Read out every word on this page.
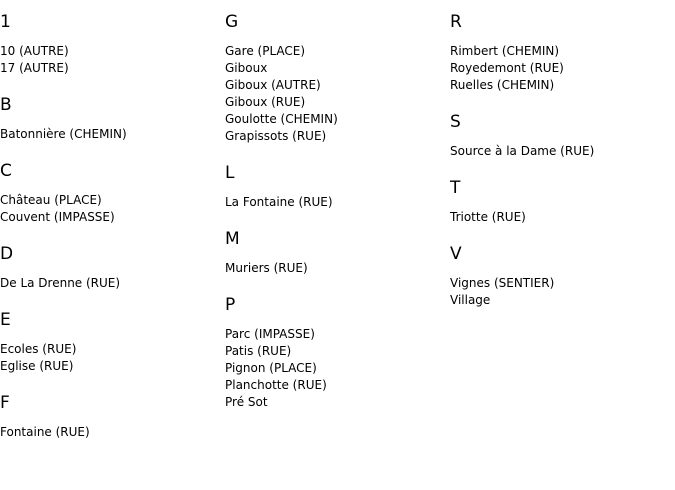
1
10 (AUTRE)
17 (AUTRE)
B
Batonnière (CHEMIN)
C
Château (PLACE)
Couvent (IMPASSE)
D
De La Drenne (RUE)
E
Ecoles (RUE)
Eglise (RUE)
F
Fontaine (RUE)
G
Gare (PLACE)
Giboux
Giboux (AUTRE)
Giboux (RUE)
Goulotte (CHEMIN)
Grapissots (RUE)
L
La Fontaine (RUE)
M
Muriers (RUE)
P
Parc (IMPASSE)
Patis (RUE)
Pignon (PLACE)
Planchotte (RUE)
Pré Sot
R
Rimbert (CHEMIN)
Royedemont (RUE)
Ruelles (CHEMIN)
S
Source à la Dame (RUE)
T
Triotte (RUE)
V
Vignes (SENTIER)
Village
